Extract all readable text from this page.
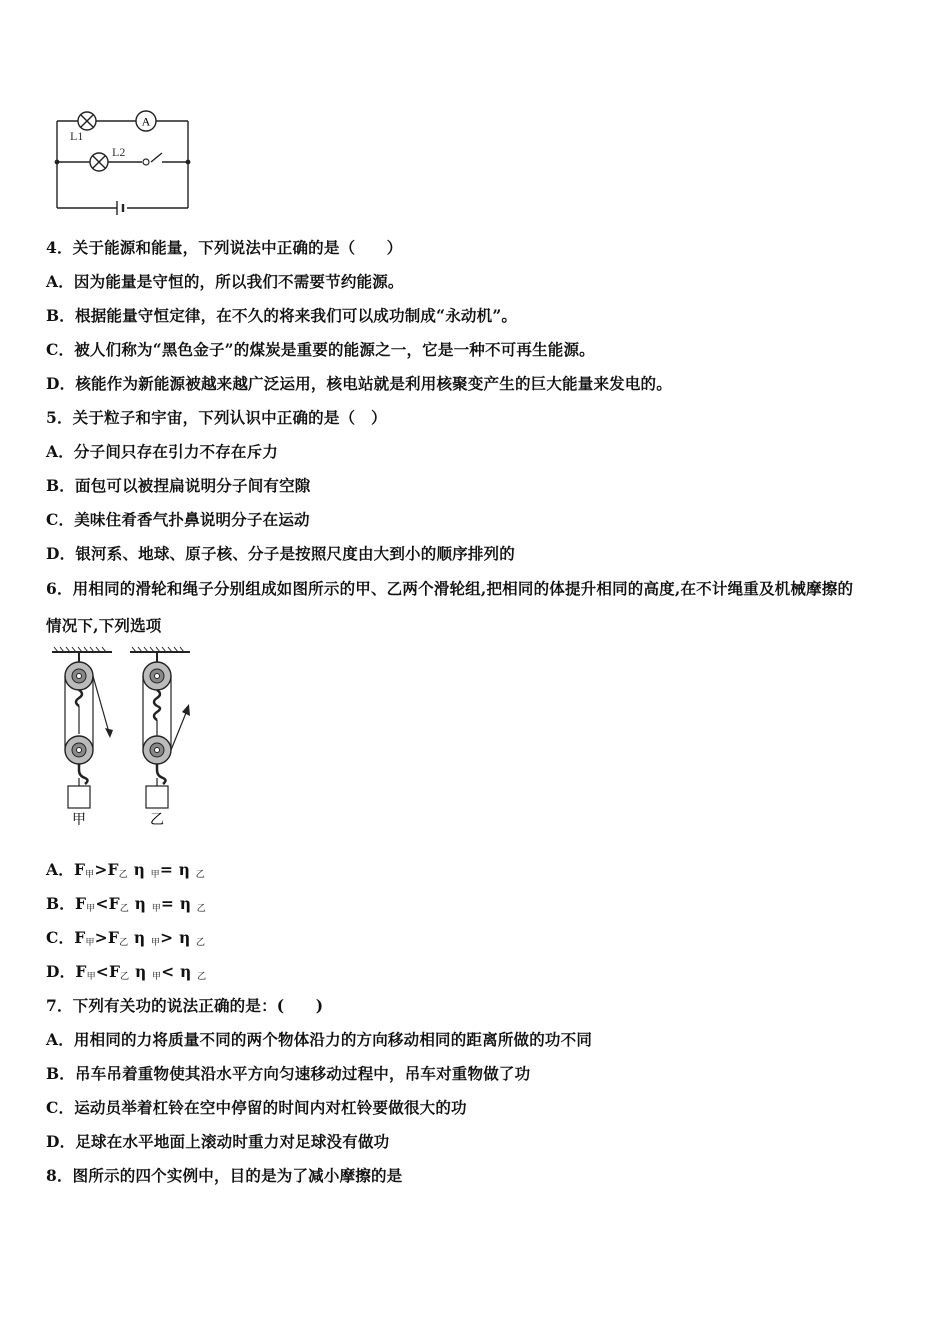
A
L1
L2
4．关于能源和能量，下列说法中正确的是（　　）
A．因为能量是守恒的，所以我们不需要节约能源。
B．根据能量守恒定律，在不久的将来我们可以成功制成“永动机”。
C．被人们称为“黑色金子”的煤炭是重要的能源之一，它是一种不可再生能源。
D．核能作为新能源被越来越广泛运用，核电站就是利用核聚变产生的巨大能量来发电的。
5．关于粒子和宇宙，下列认识中正确的是（　）
A．分子间只存在引力不存在斥力
B．面包可以被捏扁说明分子间有空隙
C．美味住肴香气扑鼻说明分子在运动
D．银河系、地球、原子核、分子是按照尺度由大到小的顺序排列的
6．用相同的滑轮和绳子分别组成如图所示的甲、乙两个滑轮组,把相同的体提升相同的高度,在不计绳重及机械摩擦的
情况下,下列选项
甲	乙
A．$F_甲>F_乙$ η $_甲$= η $_乙$
B．$F_甲<F_乙$ η $_甲$= η $_乙$
C．$F_甲>F_乙$ η $_甲$> η $_乙$
D．$F_甲<F_乙$ η $_甲$< η $_乙$
7．下列有关功的说法正确的是：(　　)
A．用相同的力将质量不同的两个物体沿力的方向移动相同的距离所做的功不同
B．吊车吊着重物使其沿水平方向匀速移动过程中，吊车对重物做了功
C．运动员举着杠铃在空中停留的时间内对杠铃要做很大的功
D．足球在水平地面上滚动时重力对足球没有做功
8．图所示的四个实例中，目的是为了减小摩擦的是
